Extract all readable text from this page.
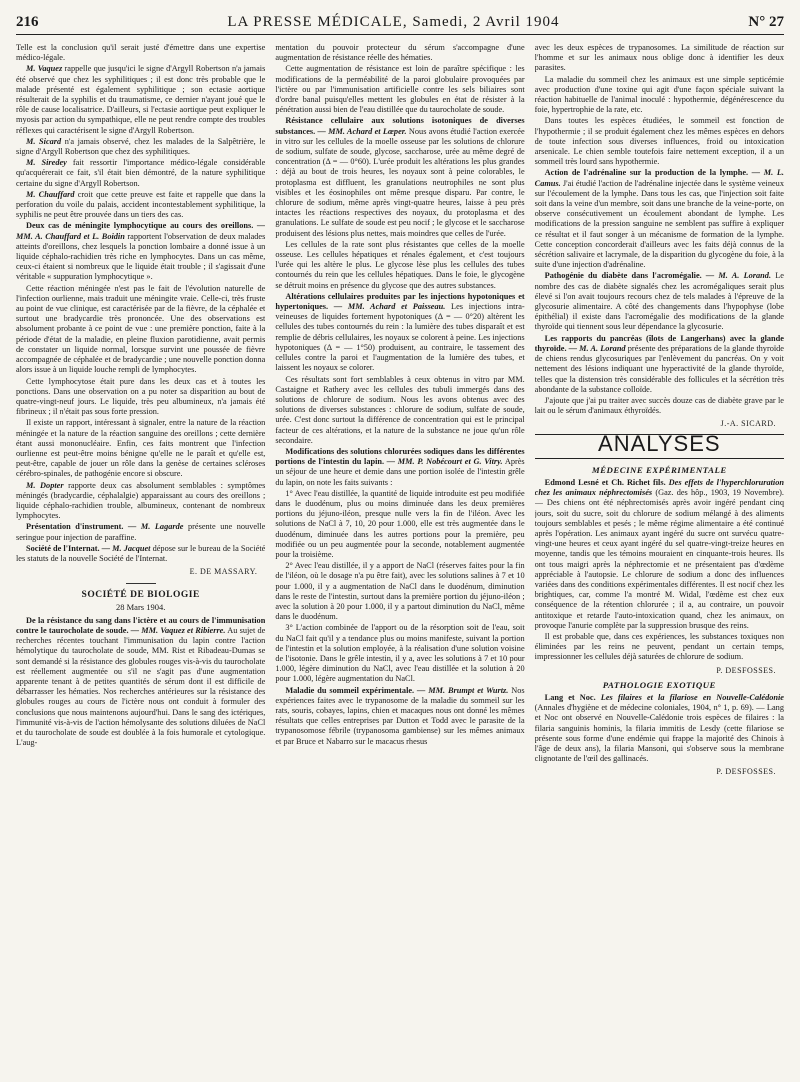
216	LA PRESSE MÉDICALE, Samedi, 2 Avril 1904	N° 27

Telle est la conclusion qu'il serait justé d'émettre dans une expertise médico-légale.

M. Vaquez rappelle que jusqu'ici le signe d'Argyll Robertson n'a jamais été observé que chez les syphilitiques ; il est donc très probable que le malade présenté est également syphilitique ; son ectasie aortique résulterait de la syphilis et du traumatisme, ce dernier n'ayant joué que le rôle de cause localisatrice. D'ailleurs, si l'ectasie aortique peut expliquer le myosis par action du sympathique, elle ne peut rendre compte des troubles réflexes qui caractérisent le signe d'Argyll Robertson.

M. Sicard n'a jamais observé, chez les malades de la Salpêtrière, le signe d'Argyll Robertson que chez des syphilitiques.

M. Siredey fait ressortir l'importance médico-légale considérable qu'acquérerait ce fait, s'il était bien démontré, de la nature syphilitique certaine du signe d'Argyll Robertson.

M. Chauffard croit que cette preuve est faite et rappelle que dans la perforation du voile du palais, accident incontestablement syphilitique, la syphilis ne peut être prouvée dans un tiers des cas.

Deux cas de méningite lymphocytique au cours des oreillons. — MM. A. Chauffard et L. Boidin rapportent l'observation de deux malades atteints d'oreillons, chez lesquels la ponction lombaire a donné issue à un liquide céphalo-rachidien très riche en lymphocytes. Dans un cas même, ceux-ci étaient si nombreux que le liquide était trouble ; il s'agissait d'une véritable « suppuration lymphocytique ».

Cette réaction méningée n'est pas le fait de l'évolution naturelle de l'infection ourlienne, mais traduit une méningite vraie. Celle-ci, très fruste au point de vue clinique, est caractérisée par de la fièvre, de la céphalée et surtout une bradycardie très prononcée. Une des observations est absolument probante à ce point de vue : une première ponction, faite à la période d'état de la maladie, en pleine fluxion parotidienne, avait permis de constater un liquide normal, lorsque survint une poussée de fièvre accompagnée de céphalée et de bradycardie ; une nouvelle ponction donna alors issue à un liquide louche rempli de lymphocytes.

Cette lymphocytose était pure dans les deux cas et à toutes les ponctions. Dans une observation on a pu noter sa disparition au bout de quatre-vingt-neuf jours. Le liquide, très peu albumineux, n'a jamais été fibrineux ; il n'était pas sous forte pression.

Il existe un rapport, intéressant à signaler, entre la nature de la réaction méningée et la nature de la réaction sanguine des oreillons ; cette dernière étant aussi mononucléaire. Enfin, ces faits montrent que l'infection ourlienne est peut-être moins bénigne qu'elle ne le paraît et qu'elle est, peut-être, capable de jouer un rôle dans la genèse de certaines scléroses cérébro-spinales, de pathogénie encore si obscure.

M. Dopter rapporte deux cas absolument semblables : symptômes méningés (bradycardie, céphalalgie) apparaissant au cours des oreillons ; liquide céphalo-rachidien trouble, albumineux, contenant de nombreux lymphocytes.

Présentation d'instrument. — M. Lagarde présente une nouvelle seringue pour injection de paraffine.

Société de l'Internat. — M. Jacquet dépose sur le bureau de la Société les statuts de la nouvelle Société de l'Internat.

E. DE MASSARY.
SOCIÉTÉ DE BIOLOGIE
28 Mars 1904.

De la résistance du sang dans l'ictère et au cours de l'immunisation contre le taurocholate de soude. — MM. Vaquez et Ribierre. Au sujet de recherches récentes touchant l'immunisation du lapin contre l'action hémolytique du taurocholate de soude, MM. Rist et Ribadeau-Dumas se sont demandé si la résistance des globules rouges vis-à-vis du taurocholate est réellement augmentée ou s'il ne s'agit pas d'une augmentation apparente tenant à de petites quantités de sérum dont il est difficile de débarrasser les hématies. Nos recherches antérieures sur la résistance des globules rouges au cours de l'ictère nous ont conduit à formuler des conclusions que nous maintenons aujourd'hui. Dans le sang des ictériques, l'immunité vis-à-vis de l'action hémolysante des solutions diluées de NaCl et du taurocholate de soude est doublée à la fois humorale et cytologique. L'aug-

mentation du pouvoir protecteur du sérum s'accompagne d'une augmentation de résistance réelle des hématies.

Cette augmentation de résistance est loin de paraître spécifique : les modifications de la perméabilité de la paroi globulaire provoquées par l'ictère ou par l'immunisation artificielle contre les sels biliaires sont d'ordre banal puisqu'elles mettent les globules en état de résister à la pénétration aussi bien de l'eau distillée que du taurocholate de soude.

Résistance cellulaire aux solutions isotoniques de diverses substances. — MM. Achard et Lœper. Nous avons étudié l'action exercée in vitro sur les cellules de la moelle osseuse par les solutions de chlorure de sodium, sulfate de soude, glycose, saccharose, urée au même degré de concentration (Δ = — 0°60). L'urée produit les altérations les plus grandes : déjà au bout de trois heures, les noyaux sont à peine colorables, le protoplasma est diffluent, les granulations neutrophiles ne sont plus visibles et les éosinophiles ont même presque disparu. Par contre, le chlorure de sodium, même après vingt-quatre heures, laisse à peu près intactes les réactions respectives des noyaux, du protoplasma et des granulations. Le sulfate de soude est peu nocif ; le glycose et le saccharose produisent des lésions plus nettes, mais moindres que celles de l'urée.

Les cellules de la rate sont plus résistantes que celles de la moelle osseuse. Les cellules hépatiques et rénales également, et c'est toujours l'urée qui les altère le plus. Le glycose lèse plus les cellules des tubes contournés du rein que les cellules hépatiques. Dans le foie, le glycogène se détruit moins en présence du glycose que des autres substances.

Altérations cellulaires produites par les injections hypotoniques et hypertoniques. — MM. Achard et Paisseau. Les injections intra-veineuses de liquides fortement hypotoniques (Δ = — 0°20) altèrent les cellules des tubes contournés du rein : la lumière des tubes disparaît et est remplie de débris cellulaires, les noyaux se colorent à peine. Les injections hypotoniques (Δ = — 1°50) produisent, au contraire, le tassement des cellules contre la paroi et l'augmentation de la lumière des tubes, et laissent les noyaux se colorer.

Ces résultats sont fort semblables à ceux obtenus in vitro par MM. Castaigne et Rathery avec les cellules des tubuli immergés dans des solutions de chlorure de sodium. Nous les avons obtenus avec des solutions de diverses substances : chlorure de sodium, sulfate de soude, urée. C'est donc surtout la différence de concentration qui est le principal facteur de ces altérations, et la nature de la substance ne joue qu'un rôle secondaire.

Modifications des solutions chlorurées sodiques dans les différentes portions de l'intestin du lapin. — MM. P. Nobécourt et G. Vitry. Après un séjour de une heure et demie dans une portion isolée de l'intestin grêle du lapin, on note les faits suivants :

1° Avec l'eau distillée, la quantité de liquide introduite est peu modifiée dans le duodénum, plus ou moins diminuée dans les deux premières portions du jéjuno-iléon, presque nulle vers la fin de l'iléon. Avec les solutions de NaCl à 7, 10, 20 pour 1.000, elle est très augmentée dans le duodénum, diminuée dans les autres portions pour la première, peu modifiée ou un peu augmentée pour la seconde, notablement augmentée pour la troisième.

2° Avec l'eau distillée, il y a apport de NaCl (réserves faites pour la fin de l'iléon, où le dosage n'a pu être fait), avec les solutions salines à 7 et 10 pour 1.000, il y a augmentation de NaCl dans le duodénum, diminution dans le reste de l'intestin, surtout dans la première portion du jéjuno-iléon ; avec la solution à 20 pour 1.000, il y a partout diminution du NaCl, même dans le duodénum.

3° L'action combinée de l'apport ou de la résorption soit de l'eau, soit du NaCl fait qu'il y a tendance plus ou moins manifeste, suivant la portion de l'intestin et la solution employée, à la réalisation d'une solution voisine de l'isotonie. Dans le grêle intestin, il y a, avec les solutions à 7 et 10 pour 1.000, légère diminution du NaCl, avec l'eau distillée et la solution à 20 pour 1.000, légère augmentation du NaCl.

Maladie du sommeil expérimentale. — MM. Brumpt et Wurtz. Nos expériences faites avec le trypanosome de la maladie du sommeil sur les rats, souris, cobayes, lapins, chien et macaques nous ont donné les mêmes résultats que celles entreprises par Dutton et Todd avec le parasite de la trypanosomose fébrile (trypanosoma gambiense) sur les mêmes animaux et par Bruce et Nabarro sur le macacus rhesus

avec les deux espèces de trypanosomes. La similitude de réaction sur l'homme et sur les animaux nous oblige donc à identifier les deux parasites.

La maladie du sommeil chez les animaux est une simple septicémie avec production d'une toxine qui agit d'une façon spéciale suivant la réaction habituelle de l'animal inoculé : hypothermie, dégénérescence du foie, hypertrophie de la rate, etc.

Dans toutes les espèces étudiées, le sommeil est fonction de l'hypothermie ; il se produit également chez les mêmes espèces en dehors de toute infection sous diverses influences, froid ou intoxication arsenicale. Le chien semble toutefois faire nettement exception, il a un sommeil très lourd sans hypothermie.

Action de l'adrénaline sur la production de la lymphe. — M. L. Camus. J'ai étudié l'action de l'adrénaline injectée dans le système veineux sur l'écoulement de la lymphe. Dans tous les cas, que l'injection soit faite soit dans la veine d'un membre, soit dans une branche de la veine-porte, on observe consécutivement un écoulement abondant de lymphe. Les modifications de la pression sanguine ne semblent pas suffire à expliquer ce résultat et il faut songer à un mécanisme de formation de la lymphe. Cette conception concorderait d'ailleurs avec les faits déjà connus de la sécrétion salivaire et lacrymale, de la disparition du glycogène du foie, à la suite d'une injection d'adrénaline.

Pathogénie du diabète dans l'acromégalie. — M. A. Lorand. Le nombre des cas de diabète signalés chez les acromégaliques serait plus élevé si l'on avait toujours recours chez de tels malades à l'épreuve de la glycosurie alimentaire. A côté des changements dans l'hypophyse (lobe épithélial) il existe dans l'acromégalie des modifications de la glande thyroïde qui tiennent sous leur dépendance la glycosurie.

Les rapports du pancréas (îlots de Langerhans) avec la glande thyroïde. — M. A. Lorand présente des préparations de la glande thyroïde de chiens rendus glycosuriques par l'enlèvement du pancréas. On y voit nettement des lésions indiquant une hyperactivité de la glande thyroïde, telles que la distension très considérable des follicules et la sécrétion très abondante de la substance colloïde.

J'ajoute que j'ai pu traiter avec succès douze cas de diabète grave par le lait ou le sérum d'animaux éthyroïdés.

J.-A. SICARD.
ANALYSES
MÉDECINE EXPÉRIMENTALE

Edmond Lesné et Ch. Richet fils. Des effets de l'hyperchloruration chez les animaux néphrectomisés (Gaz. des hôp., 1903, 19 Novembre). — Des chiens ont été néphrectomisés après avoir ingéré pendant cinq jours, soit du sucre, soit du chlorure de sodium mélangé à des aliments toujours semblables et pesés ; le même régime alimentaire a été continué après l'opération. Les animaux ayant ingéré du sucre ont survécu quatre-vingt-une heures et ceux ayant ingéré du sel quatre-vingt-treize heures en moyenne, tandis que les témoins mouraient en cinquante-trois heures. Ils ont tous maigri après la néphrectomie et ne présentaient pas d'œdème appréciable à l'autopsie. Le chlorure de sodium a donc des influences variées dans des conditions expérimentales différentes. Il est nocif chez les brightiques, car, comme l'a montré M. Widal, l'œdème est chez eux conséquence de la rétention chlorurée ; il a, au contraire, un pouvoir antitoxique et retarde l'auto-intoxication quand, chez les animaux, on provoque l'anurie complète par la suppression brusque des reins.

Il est probable que, dans ces expériences, les substances toxiques non éliminées par les reins ne peuvent, pendant un certain temps, impressionner les cellules déjà saturées de chlorure de sodium.

P. DESFOSSES.
PATHOLOGIE EXOTIQUE

Lang et Noc. Les filaires et la filariose en Nouvelle-Calédonie (Annales d'hygiène et de médecine coloniales, 1904, n° 1, p. 69). — Lang et Noc ont observé en Nouvelle-Calédonie trois espèces de filaires : la filaria sanguinis hominis, la filaria immitis de Lesdy (cette filariose se présente sous forme d'une endémie qui frappe la majorité des Chinois à l'âge de deux ans), la filaria Mansoni, qui s'observe sous la membrane clignotante de l'œil des gallinacés.

P. DESFOSSES.
